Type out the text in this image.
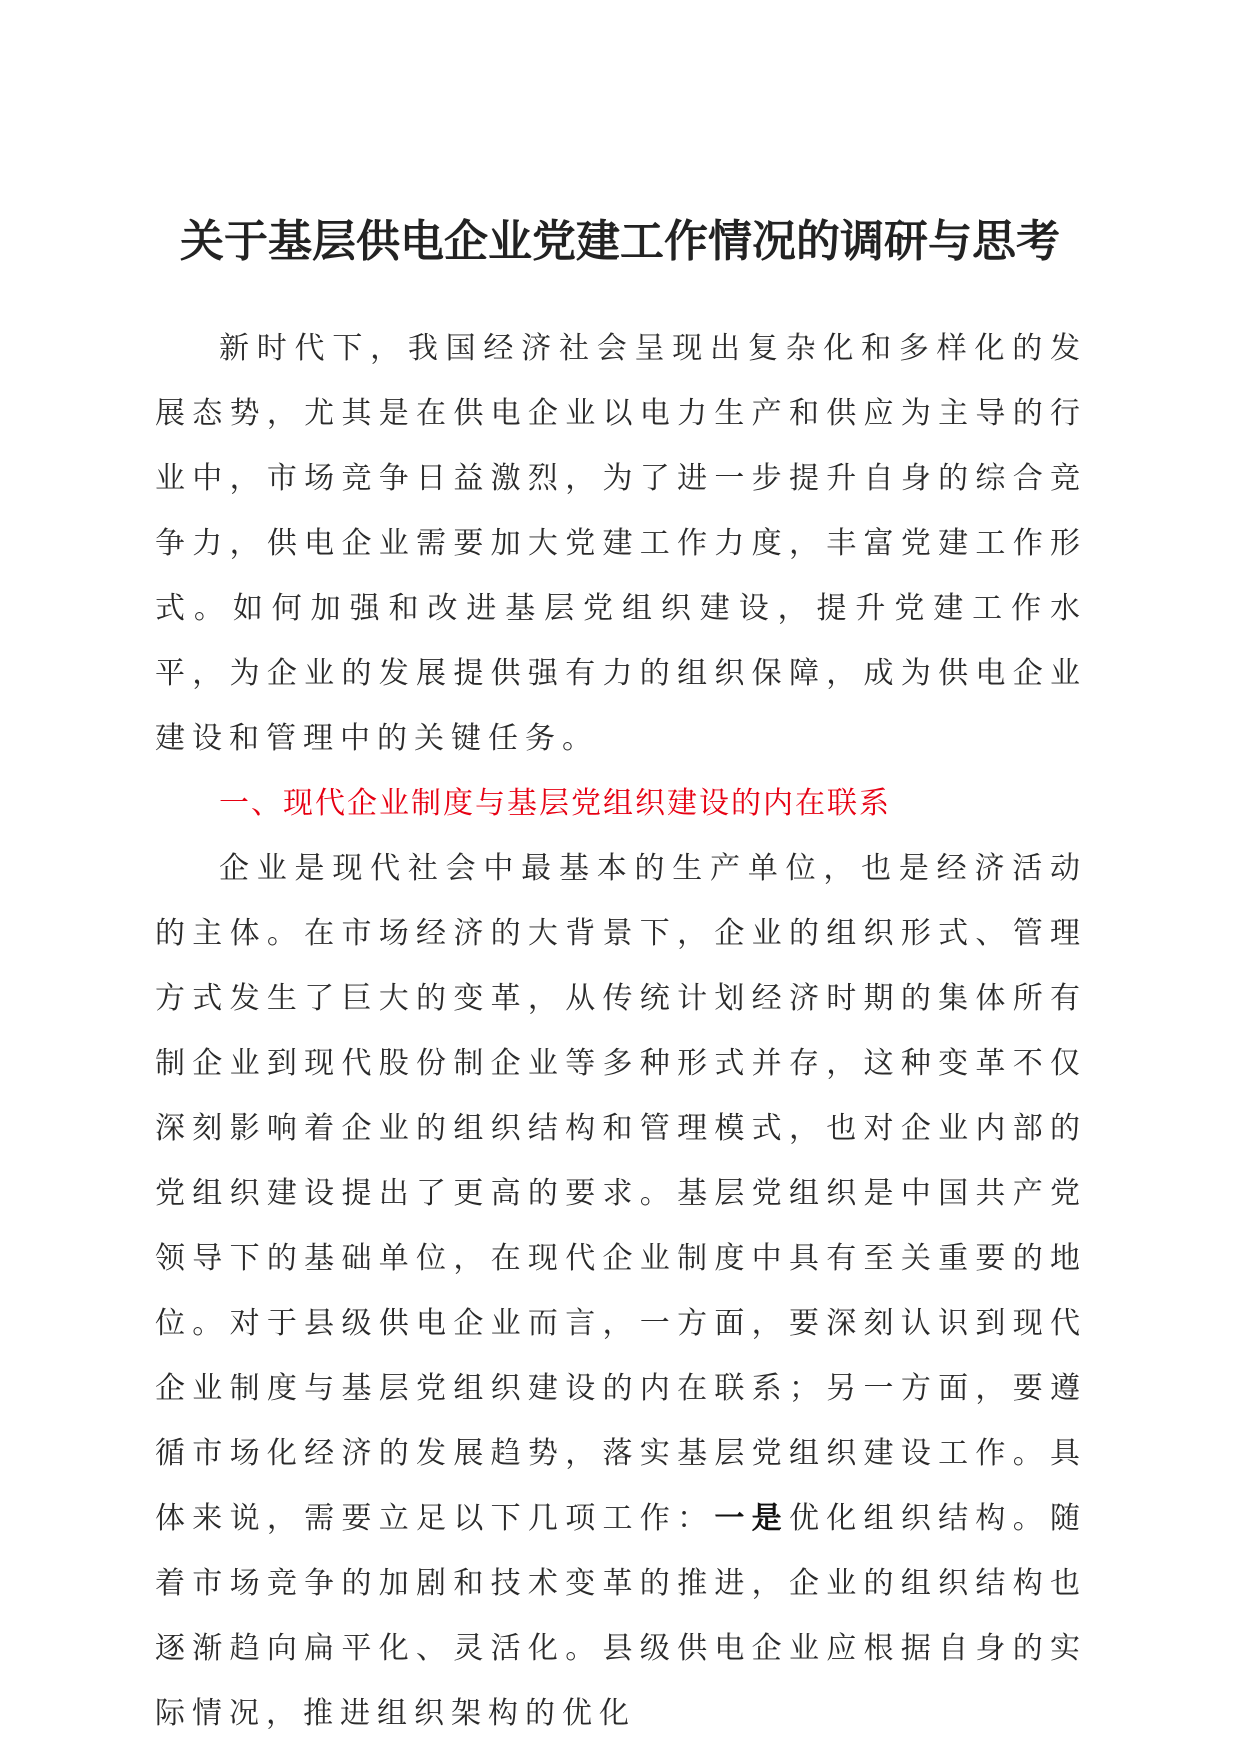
关于基层供电企业党建工作情况的调研与思考

新时代下，我国经济社会呈现出复杂化和多样化的发展态势，尤其是在供电企业以电力生产和供应为主导的行业中，市场竞争日益激烈，为了进一步提升自身的综合竞争力，供电企业需要加大党建工作力度，丰富党建工作形式。如何加强和改进基层党组织建设，提升党建工作水平，为企业的发展提供强有力的组织保障，成为供电企业建设和管理中的关键任务。

一、现代企业制度与基层党组织建设的内在联系

企业是现代社会中最基本的生产单位，也是经济活动的主体。在市场经济的大背景下，企业的组织形式、管理方式发生了巨大的变革，从传统计划经济时期的集体所有制企业到现代股份制企业等多种形式并存，这种变革不仅深刻影响着企业的组织结构和管理模式，也对企业内部的党组织建设提出了更高的要求。基层党组织是中国共产党领导下的基础单位，在现代企业制度中具有至关重要的地位。对于县级供电企业而言，一方面，要深刻认识到现代企业制度与基层党组织建设的内在联系；另一方面，要遵循市场化经济的发展趋势，落实基层党组织建设工作。具体来说，需要立足以下几项工作：一是优化组织结构。随着市场竞争的加剧和技术变革的推进，企业的组织结构也逐渐趋向扁平化、灵活化。县级供电企业应根据自身的实际情况，推进组织架构的优化
